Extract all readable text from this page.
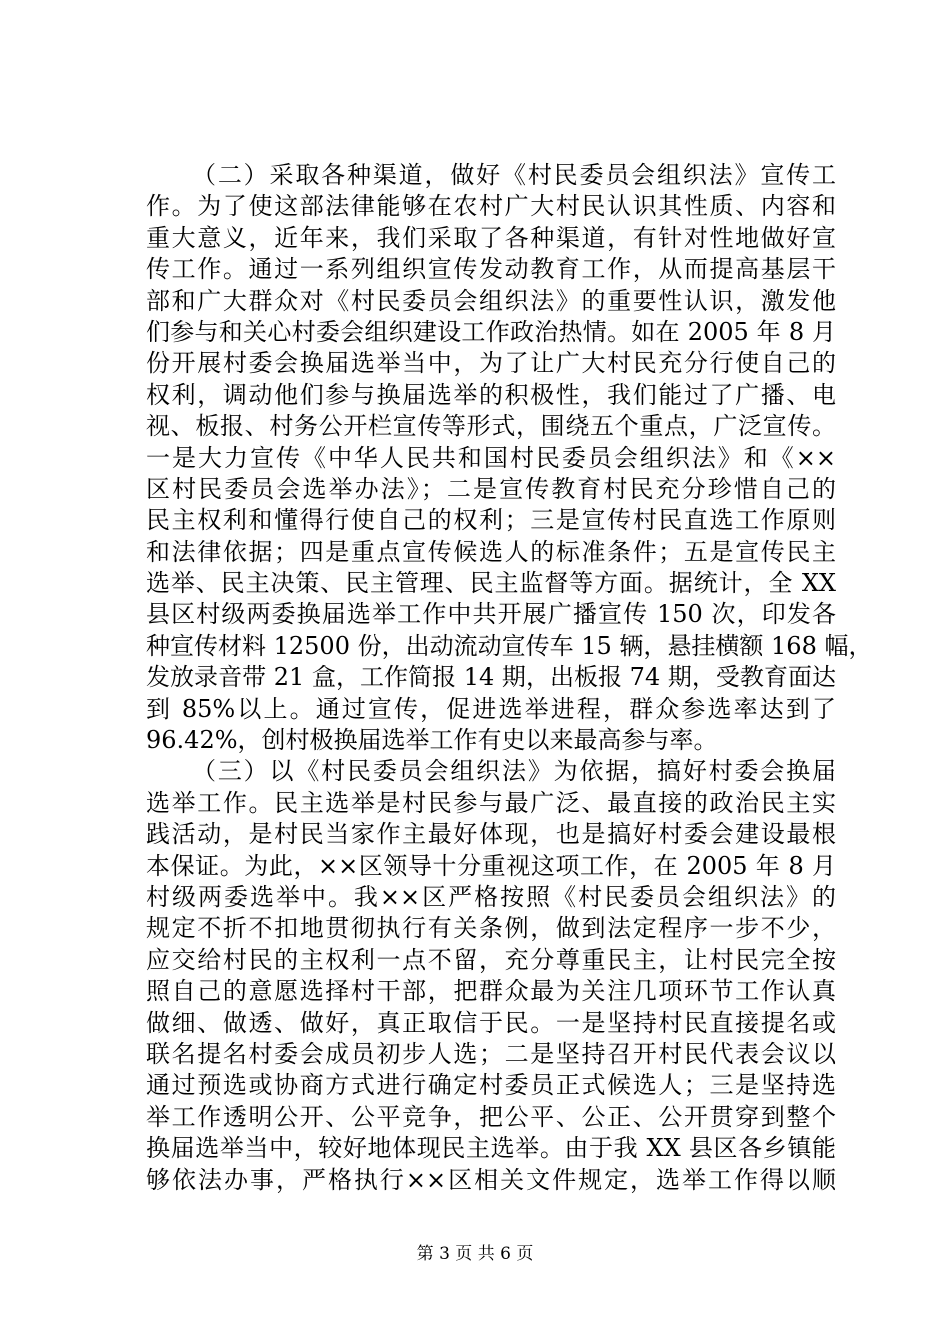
（二）采取各种渠道，做好《村民委员会组织法》宣传工
作。为了使这部法律能够在农村广大村民认识其性质、内容和
重大意义，近年来，我们采取了各种渠道，有针对性地做好宣
传工作。通过一系列组织宣传发动教育工作，从而提高基层干
部和广大群众对《村民委员会组织法》的重要性认识，激发他
们参与和关心村委会组织建设工作政治热情。如在 2005 年 8 月
份开展村委会换届选举当中，为了让广大村民充分行使自己的
权利，调动他们参与换届选举的积极性，我们能过了广播、电
视、板报、村务公开栏宣传等形式，围绕五个重点，广泛宣传。
一是大力宣传《中华人民共和国村民委员会组织法》和《××
区村民委员会选举办法》；二是宣传教育村民充分珍惜自己的
民主权利和懂得行使自己的权利；三是宣传村民直选工作原则
和法律依据；四是重点宣传候选人的标准条件；五是宣传民主
选举、民主决策、民主管理、民主监督等方面。据统计，全 XX
县区村级两委换届选举工作中共开展广播宣传 150 次，印发各
种宣传材料 12500 份，出动流动宣传车 15 辆，悬挂横额 168 幅，
发放录音带 21 盒，工作简报 14 期，出板报 74 期，受教育面达
到 85%以上。通过宣传，促进选举进程，群众参选率达到了
96.42%，创村极换届选举工作有史以来最高参与率。
（三）以《村民委员会组织法》为依据，搞好村委会换届
选举工作。民主选举是村民参与最广泛、最直接的政治民主实
践活动，是村民当家作主最好体现，也是搞好村委会建设最根
本保证。为此，××区领导十分重视这项工作，在 2005 年 8 月
村级两委选举中。我××区严格按照《村民委员会组织法》的
规定不折不扣地贯彻执行有关条例，做到法定程序一步不少，
应交给村民的主权利一点不留，充分尊重民主，让村民完全按
照自己的意愿选择村干部，把群众最为关注几项环节工作认真
做细、做透、做好，真正取信于民。一是坚持村民直接提名或
联名提名村委会成员初步人选；二是坚持召开村民代表会议以
通过预选或协商方式进行确定村委员正式候选人；三是坚持选
举工作透明公开、公平竞争，把公平、公正、公开贯穿到整个
换届选举当中，较好地体现民主选举。由于我 XX 县区各乡镇能
够依法办事，严格执行××区相关文件规定，选举工作得以顺
第 3 页 共 6 页
